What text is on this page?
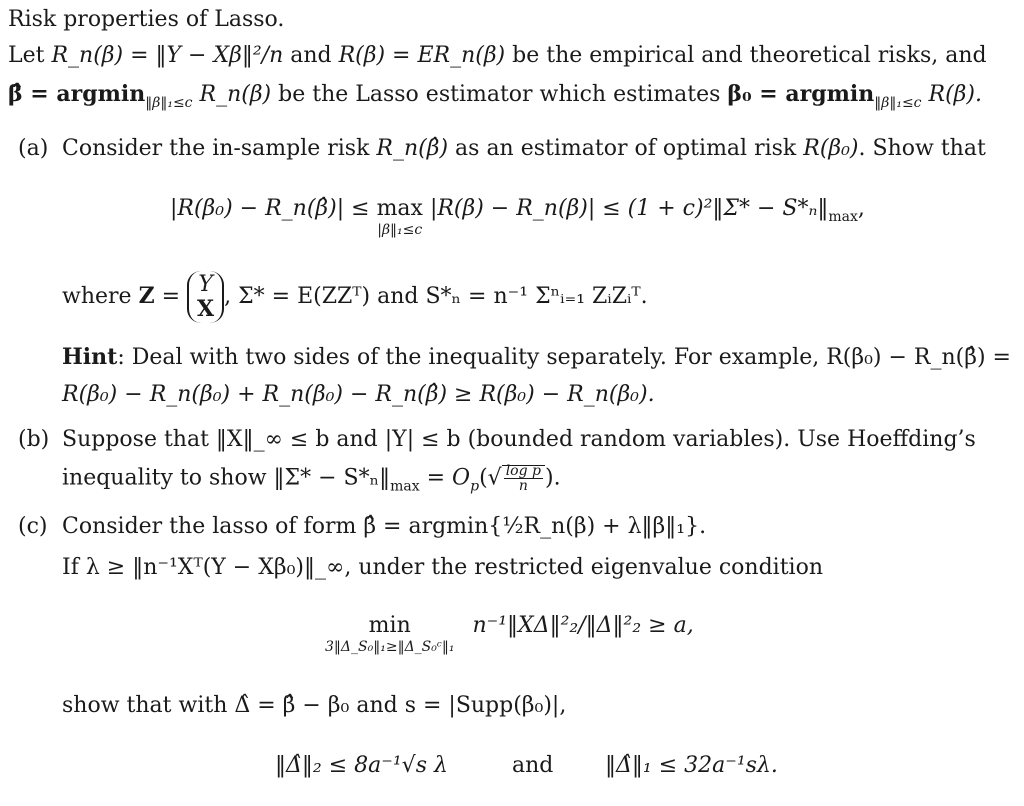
Risk properties of Lasso.
Let R_n(β) = ‖Y − Xβ‖²/n and R(β) = ER_n(β) be the empirical and theoretical risks, and
β̂ = argmin$_{‖\beta‖_1\le c}$ R_n(β) be the Lasso estimator which estimates β₀ = argmin$_{‖\beta‖_1\le c}$ R(β).
(a) Consider the in-sample risk R_n(β̂) as an estimator of optimal risk R(β₀). Show that
|R(β₀) − R_n(β̂)| ≤ max
|β‖₁≤c
|R(β) − R_n(β)| ≤ (1 + c)²‖Σ* − $S*_n‖_{max}$,
where Z = Y
X , Σ* = E(ZZᵀ) and S*ₙ = n⁻¹ Σⁿᵢ₌₁ ZᵢZᵢᵀ.
Hint: Deal with two sides of the inequality separately. For example, R(β₀) − R_n(β̂) =
R(β₀) − R_n(β₀) + R_n(β₀) − R_n(β̂) ≥ R(β₀) − R_n(β₀).
(b) Suppose that ‖X‖_∞ ≤ b and |Y| ≤ b (bounded random variables). Use Hoeffding’s
inequality to show ‖Σ* − $S*_n‖_{max} = O_p(√ \frac{\text{log p}}{n}$ ).
(c) Consider the lasso of form β̂ = argmin{½R_n(β) + λ‖β‖₁}.
If λ ≥ ‖n⁻¹Xᵀ(Y − Xβ₀)‖_∞, under the restricted eigenvalue condition
min
3‖Δ_S₀‖₁≥‖Δ_S₀ᶜ‖₁
n⁻¹‖XΔ‖²₂/‖Δ‖²₂ ≥ a,
show that with Δ̂ = β̂ − β₀ and s = |Supp(β₀)|,
‖Δ̂‖₂ ≤ 8a⁻¹√s λ	and ‖Δ̂‖₁ ≤ 32a⁻¹sλ.
